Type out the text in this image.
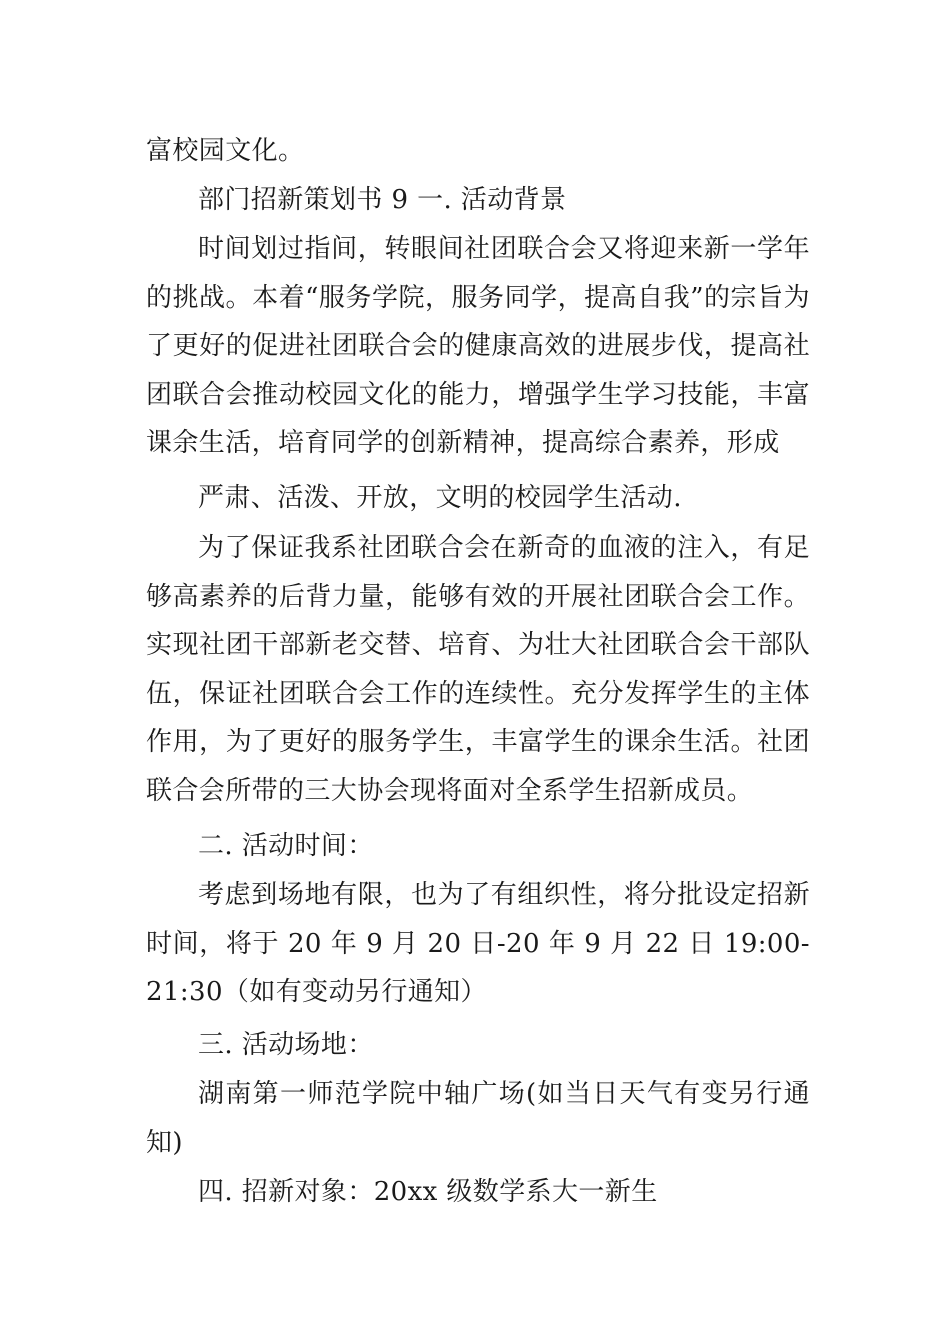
富校园文化。

部门招新策划书 9 一. 活动背景

时间划过指间，转眼间社团联合会又将迎来新一学年的挑战。本着“服务学院，服务同学，提高自我”的宗旨为了更好的促进社团联合会的健康高效的进展步伐，提高社团联合会推动校园文化的能力，增强学生学习技能，丰富课余生活，培育同学的创新精神，提高综合素养，形成

严肃、活泼、开放，文明的校园学生活动.

为了保证我系社团联合会在新奇的血液的注入，有足够高素养的后背力量，能够有效的开展社团联合会工作。实现社团干部新老交替、培育、为壮大社团联合会干部队伍，保证社团联合会工作的连续性。充分发挥学生的主体作用，为了更好的服务学生，丰富学生的课余生活。社团联合会所带的三大协会现将面对全系学生招新成员。

二. 活动时间：

考虑到场地有限，也为了有组织性，将分批设定招新时间，将于 20 年 9 月 20 日-20 年 9 月 22 日 19:00-21:30（如有变动另行通知）

三. 活动场地：

湖南第一师范学院中轴广场(如当日天气有变另行通知)

四. 招新对象：20xx 级数学系大一新生
